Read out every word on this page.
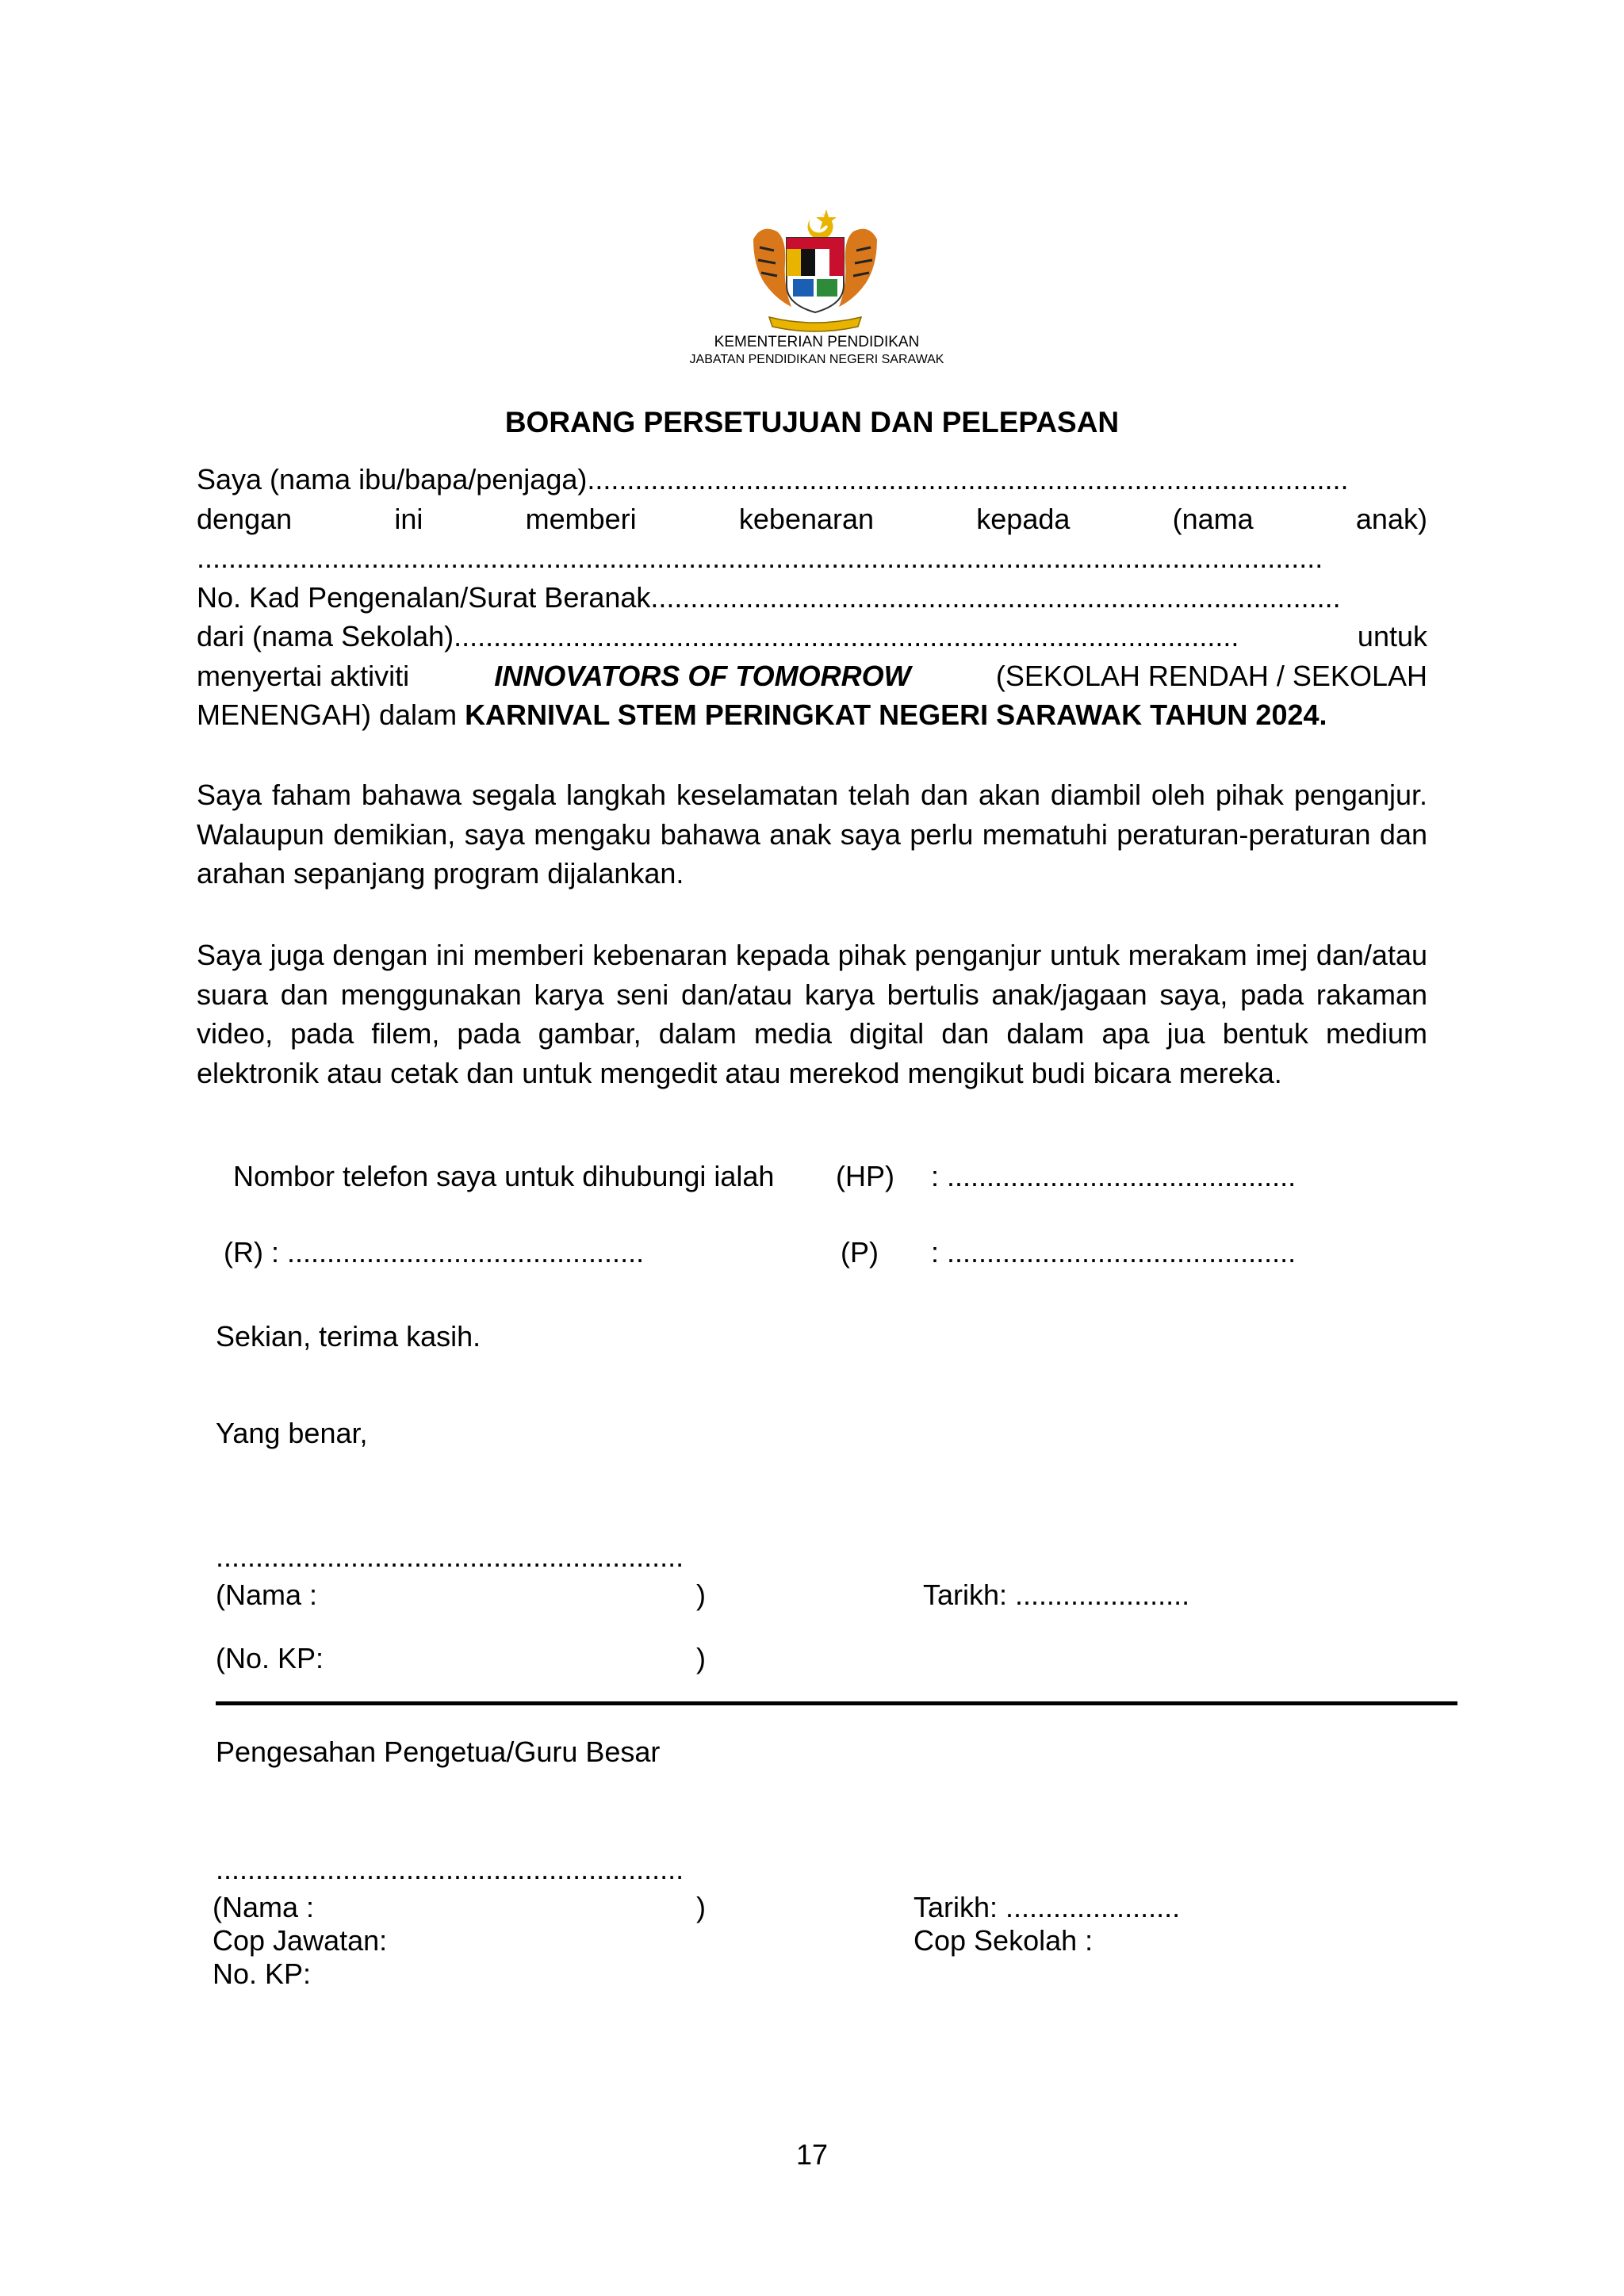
KEMENTERIAN PENDIDIKAN
JABATAN PENDIDIKAN NEGERI SARAWAK
BORANG PERSETUJUAN DAN PELEPASAN
Saya (nama ibu/bapa/penjaga) ................................................................................................
dengan	ini	memberi	kebenaran	kepada	(nama	anak)
..............................................................................................................................................
No. Kad Pengenalan/Surat Beranak .......................................................................................
dari (nama Sekolah) ...................................................................................................	untuk
menyertai aktiviti	INNOVATORS OF TOMORROW	(SEKOLAH RENDAH / SEKOLAH
MENENGAH) dalam KARNIVAL STEM PERINGKAT NEGERI SARAWAK TAHUN 2024.
Saya faham bahawa segala langkah keselamatan telah dan akan diambil oleh pihak penganjur. Walaupun demikian, saya mengaku bahawa anak saya perlu mematuhi peraturan-peraturan dan arahan sepanjang program dijalankan.
Saya juga dengan ini memberi kebenaran kepada pihak penganjur untuk merakam imej dan/atau suara dan menggunakan karya seni dan/atau karya bertulis anak/jagaan saya, pada rakaman video, pada filem, pada gambar, dalam media digital dan dalam apa jua bentuk medium elektronik atau cetak dan untuk mengedit atau merekod mengikut budi bicara mereka.
Nombor telefon saya untuk dihubungi ialah (HP) : ............................................
(R) : .............................................	(P) : ............................................
Sekian, terima kasih.
Yang benar,
...........................................................
(Nama :	)	Tarikh: ......................
(No. KP:	)
Pengesahan Pengetua/Guru Besar
...........................................................
(Nama :	)	Tarikh: ......................
Cop Jawatan:	Cop Sekolah :
No. KP:
17
